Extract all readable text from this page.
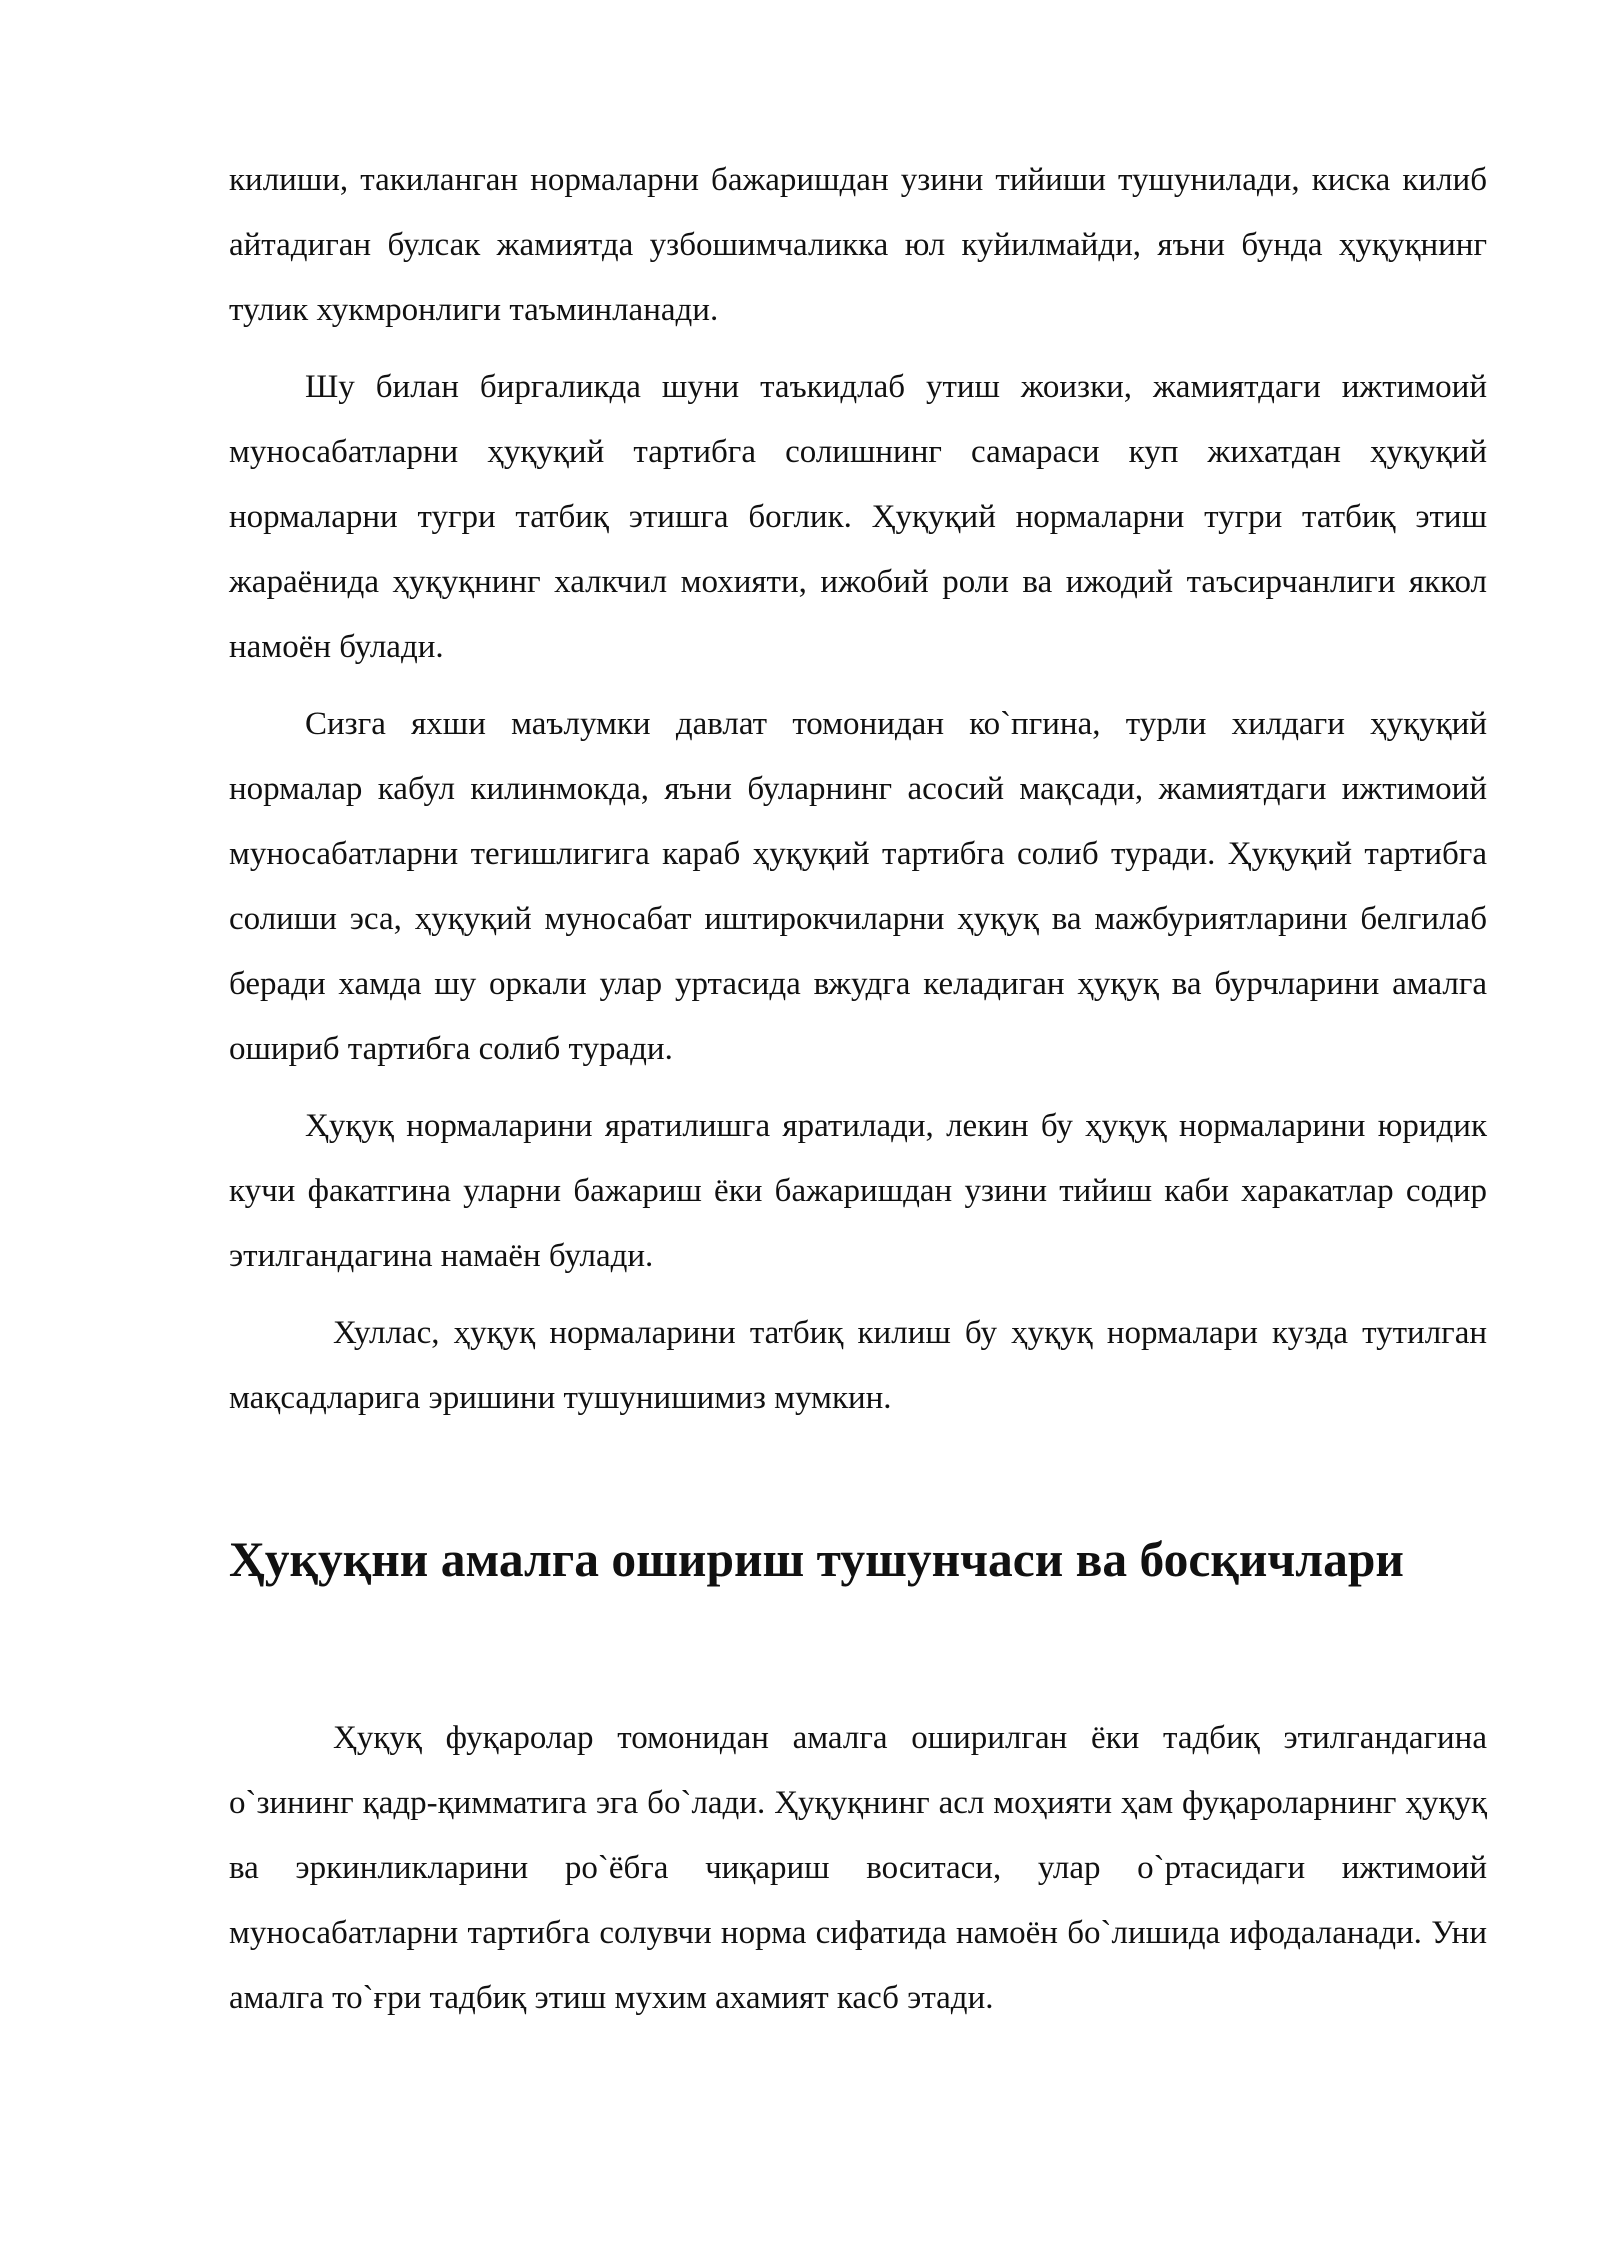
килиши, такиланган нормаларни бажаришдан узини тийиши тушунилади, киска килиб айтадиган булсак жамиятда узбошимчаликка юл куйилмайди, яъни бунда ҳуқуқнинг тулик хукмронлиги таъминланади.

Шу билан биргаликда шуни таъкидлаб утиш жоизки, жамиятдаги ижтимоий муносабатларни ҳуқуқий тартибга солишнинг самараси куп жихатдан ҳуқуқий нормаларни тугри татбиқ этишга боглик. Ҳуқуқий нормаларни тугри татбиқ этиш жараёнида ҳуқуқнинг халкчил мохияти, ижобий роли ва ижодий таъсирчанлиги яккол намоён булади.

Сизга яхши маълумки давлат томонидан ко`пгина, турли хилдаги ҳуқуқий нормалар кабул килинмокда, яъни буларнинг асосий мақсади, жамиятдаги ижтимоий муносабатларни тегишлигига караб ҳуқуқий тартибга солиб туради. Ҳуқуқий тартибга солиши эса, ҳуқуқий муносабат иштирокчиларни ҳуқуқ ва мажбуриятларини белгилаб беради хамда шу оркали улар уртасида вжудга келадиган ҳуқуқ ва бурчларини амалга ошириб тартибга солиб туради.

Ҳуқуқ нормаларини яратилишга яратилади, лекин бу ҳуқуқ нормаларини юридик кучи факатгина уларни бажариш ёки бажаришдан узини тийиш каби харакатлар содир этилгандагина намаён булади.

Хуллас, ҳуқуқ нормаларини татбиқ килиш бу ҳуқуқ нормалари кузда тутилган мақсадларига эришини тушунишимиз мумкин.

Ҳуқуқни амалга ошириш тушунчаси ва босқичлари

Ҳуқуқ фуқаролар томонидан амалга оширилган ёки тадбиқ этилгандагина о`зининг қадр-қимматига эга бо`лади. Ҳуқуқнинг асл моҳияти ҳам фуқароларнинг ҳуқуқ ва эркинликларини ро`ёбга чиқариш воситаси, улар о`ртасидаги ижтимоий муносабатларни тартибга солувчи норма сифатида намоён бо`лишида ифодаланади. Уни амалга то`ғри тадбиқ этиш мухим ахамият касб этади.
